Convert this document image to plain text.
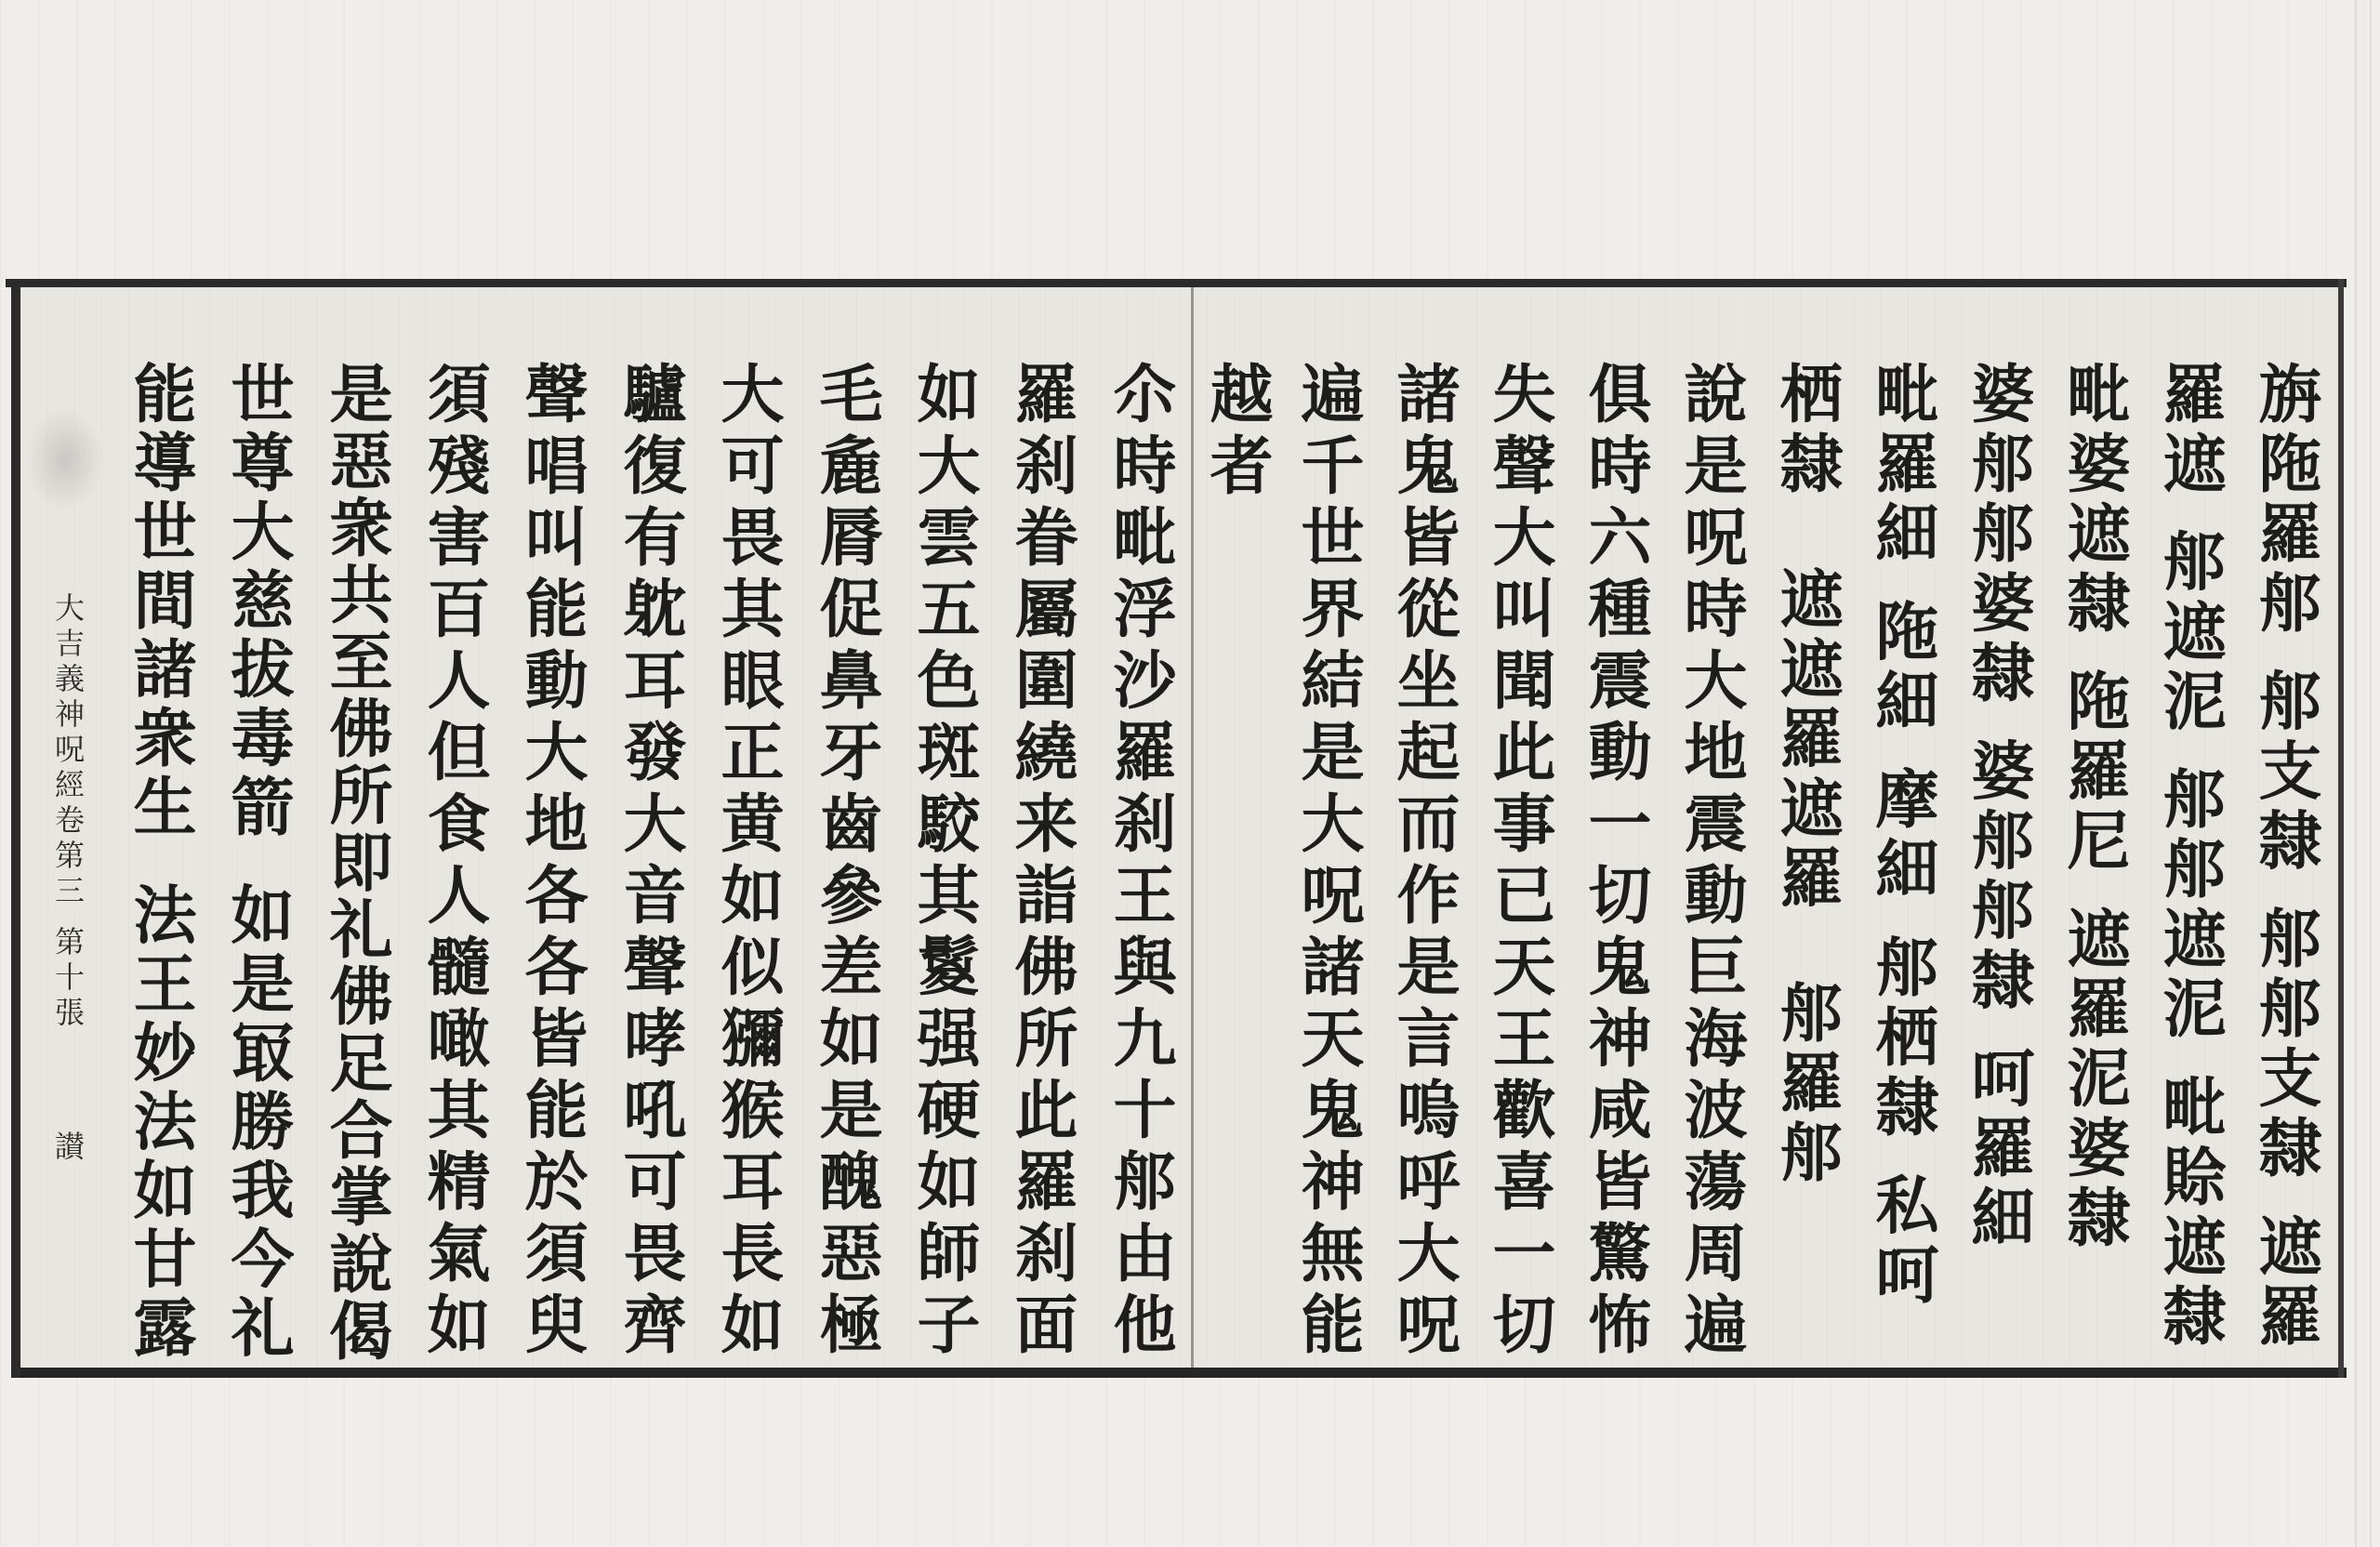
旃陁羅郍 郍支隸 郍郍支隸 遮羅
羅遮 郍遮泥 郍郍遮泥 毗賒遮隸
毗婆遮隸 陁羅尼 遮羅泥婆隸
婆郍郍婆隸 婆郍郍隸 呵羅細
毗羅細 陁細 摩細 郍栖隸 私呵
栖隸 遮遮羅遮羅 郍羅郍
說是呪時大地震動巨海波蕩周遍
俱時六種震動一切鬼神咸皆驚怖
失聲大叫聞此事已天王歡喜一切
諸鬼皆從坐起而作是言嗚呼大呪
遍千世界結是大呪諸天鬼神無能
越者
尒時毗浮沙羅刹王與九十郍由他
羅刹眷屬圍繞来詣佛所此羅刹面
如大雲五色斑駮其鬉强硬如師子
毛麁脣促鼻牙齒參差如是醜惡極
大可畏其眼正黄如似獼猴耳長如
驢復有躭耳發大音聲哮吼可畏齊
聲唱叫能動大地各各皆能於須臾
須殘害百人但食人髓噉其精氣如
是惡衆共至佛所即礼佛足合掌說偈
世尊大慈拔毒箭 如是冣勝我今礼
能導世間諸衆生 法王妙法如甘露
大吉義神呪經卷第三
第十張
讃
